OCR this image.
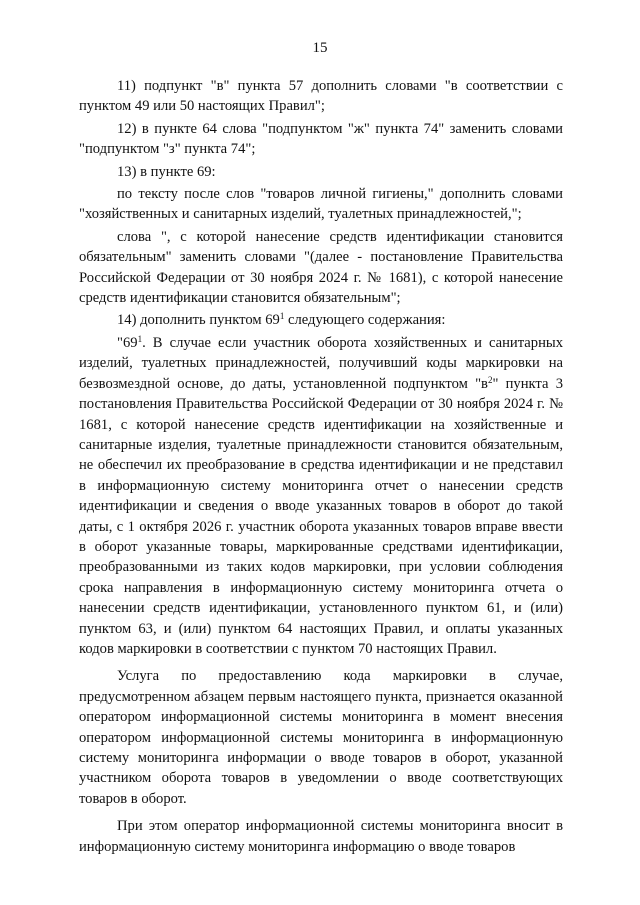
15

11) подпункт "в" пункта 57 дополнить словами "в соответствии с пунктом 49 или 50 настоящих Правил";

12) в пункте 64 слова "подпунктом "ж" пункта 74" заменить словами "подпунктом "з" пункта 74";

13) в пункте 69:

по тексту после слов "товаров личной гигиены," дополнить словами "хозяйственных и санитарных изделий, туалетных принадлежностей,";

слова ", с которой нанесение средств идентификации становится обязательным" заменить словами "(далее - постановление Правительства Российской Федерации от 30 ноября 2024 г. № 1681), с которой нанесение средств идентификации становится обязательным";

14) дополнить пунктом $69^1$ следующего содержания:

"$69^1$. В случае если участник оборота хозяйственных и санитарных изделий, туалетных принадлежностей, получивший коды маркировки на безвозмездной основе, до даты, установленной подпунктом "$в^2$" пункта 3 постановления Правительства Российской Федерации от 30 ноября 2024 г. № 1681, с которой нанесение средств идентификации на хозяйственные и санитарные изделия, туалетные принадлежности становится обязательным, не обеспечил их преобразование в средства идентификации и не представил в информационную систему мониторинга отчет о нанесении средств идентификации и сведения о вводе указанных товаров в оборот до такой даты, с 1 октября 2026 г. участник оборота указанных товаров вправе ввести в оборот указанные товары, маркированные средствами идентификации, преобразованными из таких кодов маркировки, при условии соблюдения срока направления в информационную систему мониторинга отчета о нанесении средств идентификации, установленного пунктом 61, и (или) пунктом 63, и (или) пунктом 64 настоящих Правил, и оплаты указанных кодов маркировки в соответствии с пунктом 70 настоящих Правил.

Услуга по предоставлению кода маркировки в случае, предусмотренном абзацем первым настоящего пункта, признается оказанной оператором информационной системы мониторинга в момент внесения оператором информационной системы мониторинга в информационную систему мониторинга информации о вводе товаров в оборот, указанной участником оборота товаров в уведомлении о вводе соответствующих товаров в оборот.

При этом оператор информационной системы мониторинга вносит в информационную систему мониторинга информацию о вводе товаров
